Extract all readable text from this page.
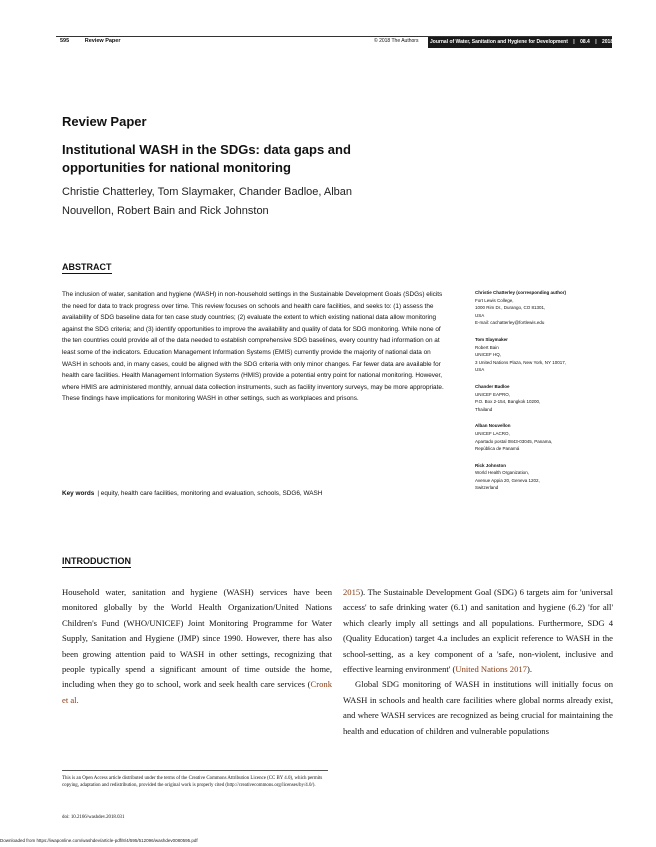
595	Review Paper	© 2018 The Authors	Journal of Water, Sanitation and Hygiene for Development | 08.4 | 2018
Review Paper
Institutional WASH in the SDGs: data gaps and opportunities for national monitoring
Christie Chatterley, Tom Slaymaker, Chander Badloe, Alban Nouvellon, Robert Bain and Rick Johnston
ABSTRACT

The inclusion of water, sanitation and hygiene (WASH) in non-household settings in the Sustainable Development Goals (SDGs) elicits the need for data to track progress over time. This review focuses on schools and health care facilities, and seeks to: (1) assess the availability of SDG baseline data for ten case study countries; (2) evaluate the extent to which existing national data allow monitoring against the SDG criteria; and (3) identify opportunities to improve the availability and quality of data for SDG monitoring. While none of the ten countries could provide all of the data needed to establish comprehensive SDG baselines, every country had information on at least some of the indicators. Education Management Information Systems (EMIS) currently provide the majority of national data on WASH in schools and, in many cases, could be aligned with the SDG criteria with only minor changes. Far fewer data are available for health care facilities. Health Management Information Systems (HMIS) provide a potential entry point for national monitoring. However, where HMIS are administered monthly, annual data collection instruments, such as facility inventory surveys, may be more appropriate. These findings have implications for monitoring WASH in other settings, such as workplaces and prisons.

Key words | equity, health care facilities, monitoring and evaluation, schools, SDG6, WASH
Christie Chatterley (corresponding author)
Fort Lewis College,
1000 Rim Dr., Durango, CO 81301,
USA
E-mail: cachatterley@fortlewis.edu
Tom Slaymaker
Robert Bain
UNICEF HQ,
3 United Nations Plaza, New York, NY 10017,
USA
Chander Badloe
UNICEF EAPRO,
P.O. Box 2-154, Bangkok 10200,
Thailand
Alban Nouvellon
UNICEF LACRO,
Apartado postal 0843-03045, Panama,
República de Panamá
Rick Johnston
World Health Organization,
Avenue Appia 20, Geneva 1202,
Switzerland
INTRODUCTION

Household water, sanitation and hygiene (WASH) services have been monitored globally by the World Health Organization/United Nations Children's Fund (WHO/UNICEF) Joint Monitoring Programme for Water Supply, Sanitation and Hygiene (JMP) since 1990. However, there has also been growing attention paid to WASH in other settings, recognizing that people typically spend a significant amount of time outside the home, including when they go to school, work and seek health care services (Cronk et al.

2015). The Sustainable Development Goal (SDG) 6 targets aim for 'universal access' to safe drinking water (6.1) and sanitation and hygiene (6.2) 'for all' which clearly imply all settings and all populations. Furthermore, SDG 4 (Quality Education) target 4.a includes an explicit reference to WASH in the school-setting, as a key component of a 'safe, non-violent, inclusive and effective learning environment' (United Nations 2017).

Global SDG monitoring of WASH in institutions will initially focus on WASH in schools and health care facilities where global norms already exist, and where WASH services are recognized as being crucial for maintaining the health and education of children and vulnerable populations

This is an Open Access article distributed under the terms of the Creative Commons Attribution Licence (CC BY 4.0), which permits copying, adaptation and redistribution, provided the original work is properly cited (http://creativecommons.org/licenses/by/4.0/).
doi: 10.2166/washdev.2018.031
Downloaded from https://iwaponline.com/washdev/article-pdf/8/4/595/512096/washdev0080595.pdf
